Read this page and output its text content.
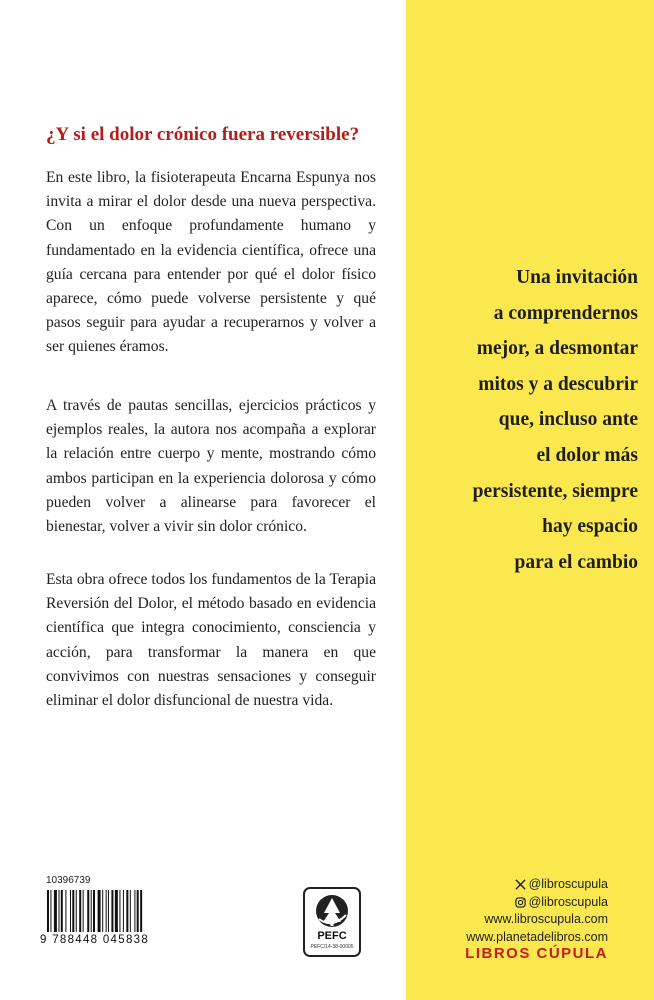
¿Y si el dolor crónico fuera reversible?

En este libro, la fisioterapeuta Encarna Espunya nos invita a mirar el dolor desde una nueva perspectiva. Con un enfoque profundamente humano y fundamentado en la evidencia científica, ofrece una guía cercana para entender por qué el dolor físico aparece, cómo puede volverse persistente y qué pasos seguir para ayudar a recuperarnos y volver a ser quienes éramos.

A través de pautas sencillas, ejercicios prácticos y ejemplos reales, la autora nos acompaña a explorar la relación entre cuerpo y mente, mostrando cómo ambos participan en la experiencia dolorosa y cómo pueden volver a alinearse para favorecer el bienestar, volver a vivir sin dolor crónico.

Esta obra ofrece todos los fundamentos de la Terapia Reversión del Dolor, el método basado en evidencia científica que integra conocimiento, consciencia y acción, para transformar la manera en que convivimos con nuestras sensaciones y conseguir eliminar el dolor disfuncional de nuestra vida.

Una invitación
a comprendernos
mejor, a desmontar
mitos y a descubrir
que, incluso ante
el dolor más
persistente, siempre
hay espacio
para el cambio
10396739
9 788448 045838	PEFC
PEFC/14-38-00005
@libroscupula
@libroscupula
www.libroscupula.com
www.planetadelibros.com
LIBROS CÚPULA
